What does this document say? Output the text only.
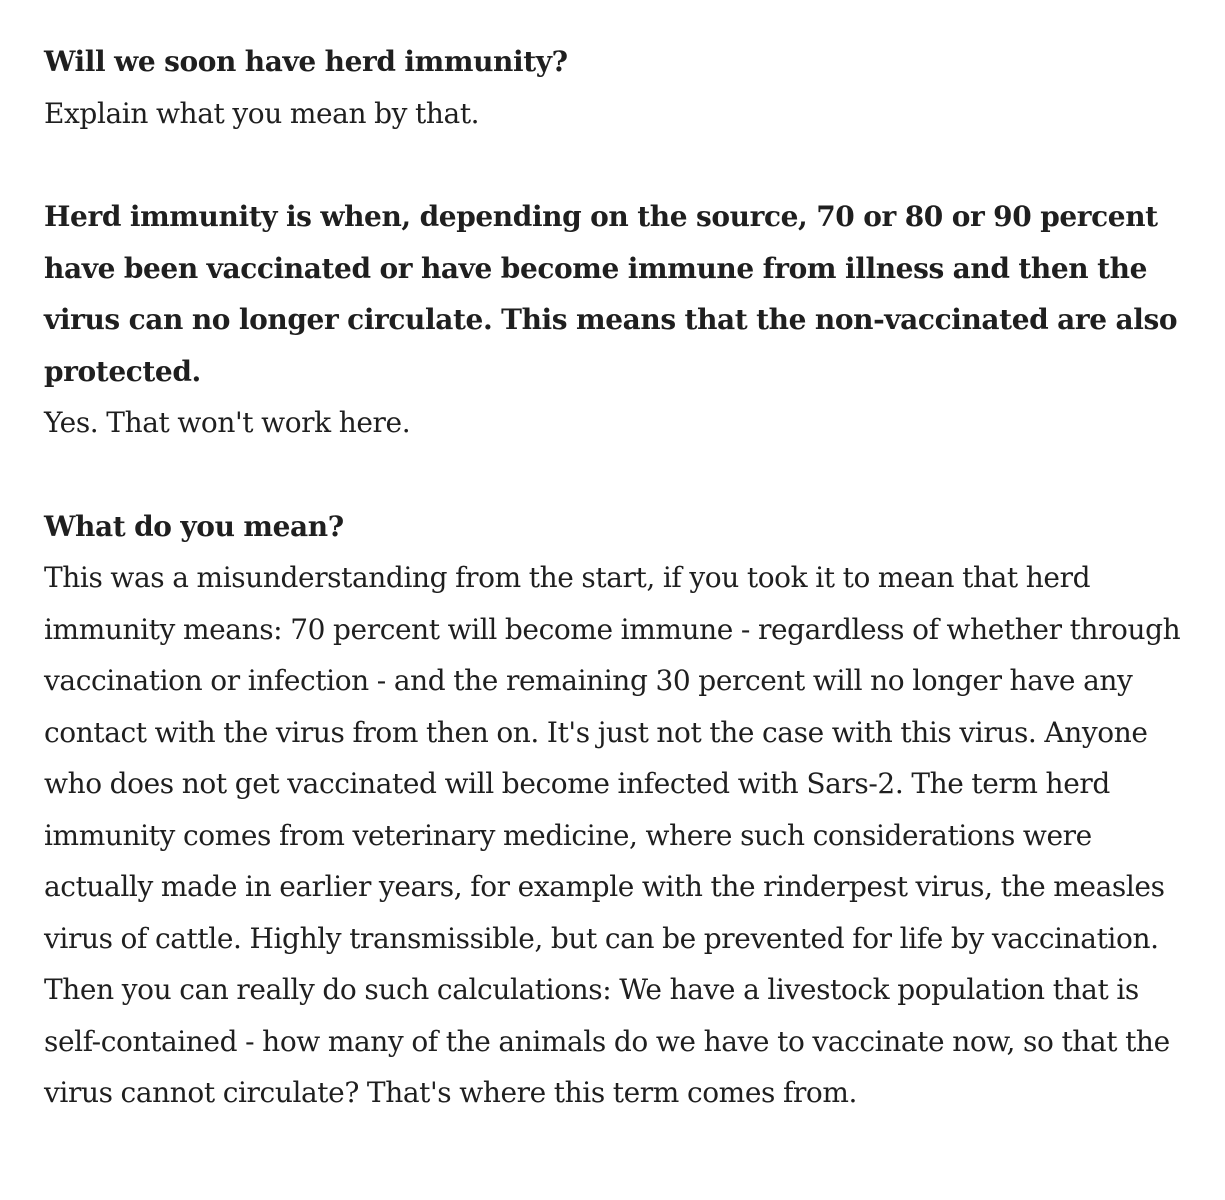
Will we soon have herd immunity?

Explain what you mean by that.

Herd immunity is when, depending on the source, 70 or 80 or 90 percent have been vaccinated or have become immune from illness and then the virus can no longer circulate. This means that the non-vaccinated are also protected.

Yes. That won't work here.

What do you mean?

This was a misunderstanding from the start, if you took it to mean that herd immunity means: 70 percent will become immune - regardless of whether through vaccination or infection - and the remaining 30 percent will no longer have any contact with the virus from then on. It's just not the case with this virus. Anyone who does not get vaccinated will become infected with Sars-2. The term herd immunity comes from veterinary medicine, where such considerations were actually made in earlier years, for example with the rinderpest virus, the measles virus of cattle. Highly transmissible, but can be prevented for life by vaccination. Then you can really do such calculations: We have a livestock population that is self-contained - how many of the animals do we have to vaccinate now, so that the virus cannot circulate? That's where this term comes from.
